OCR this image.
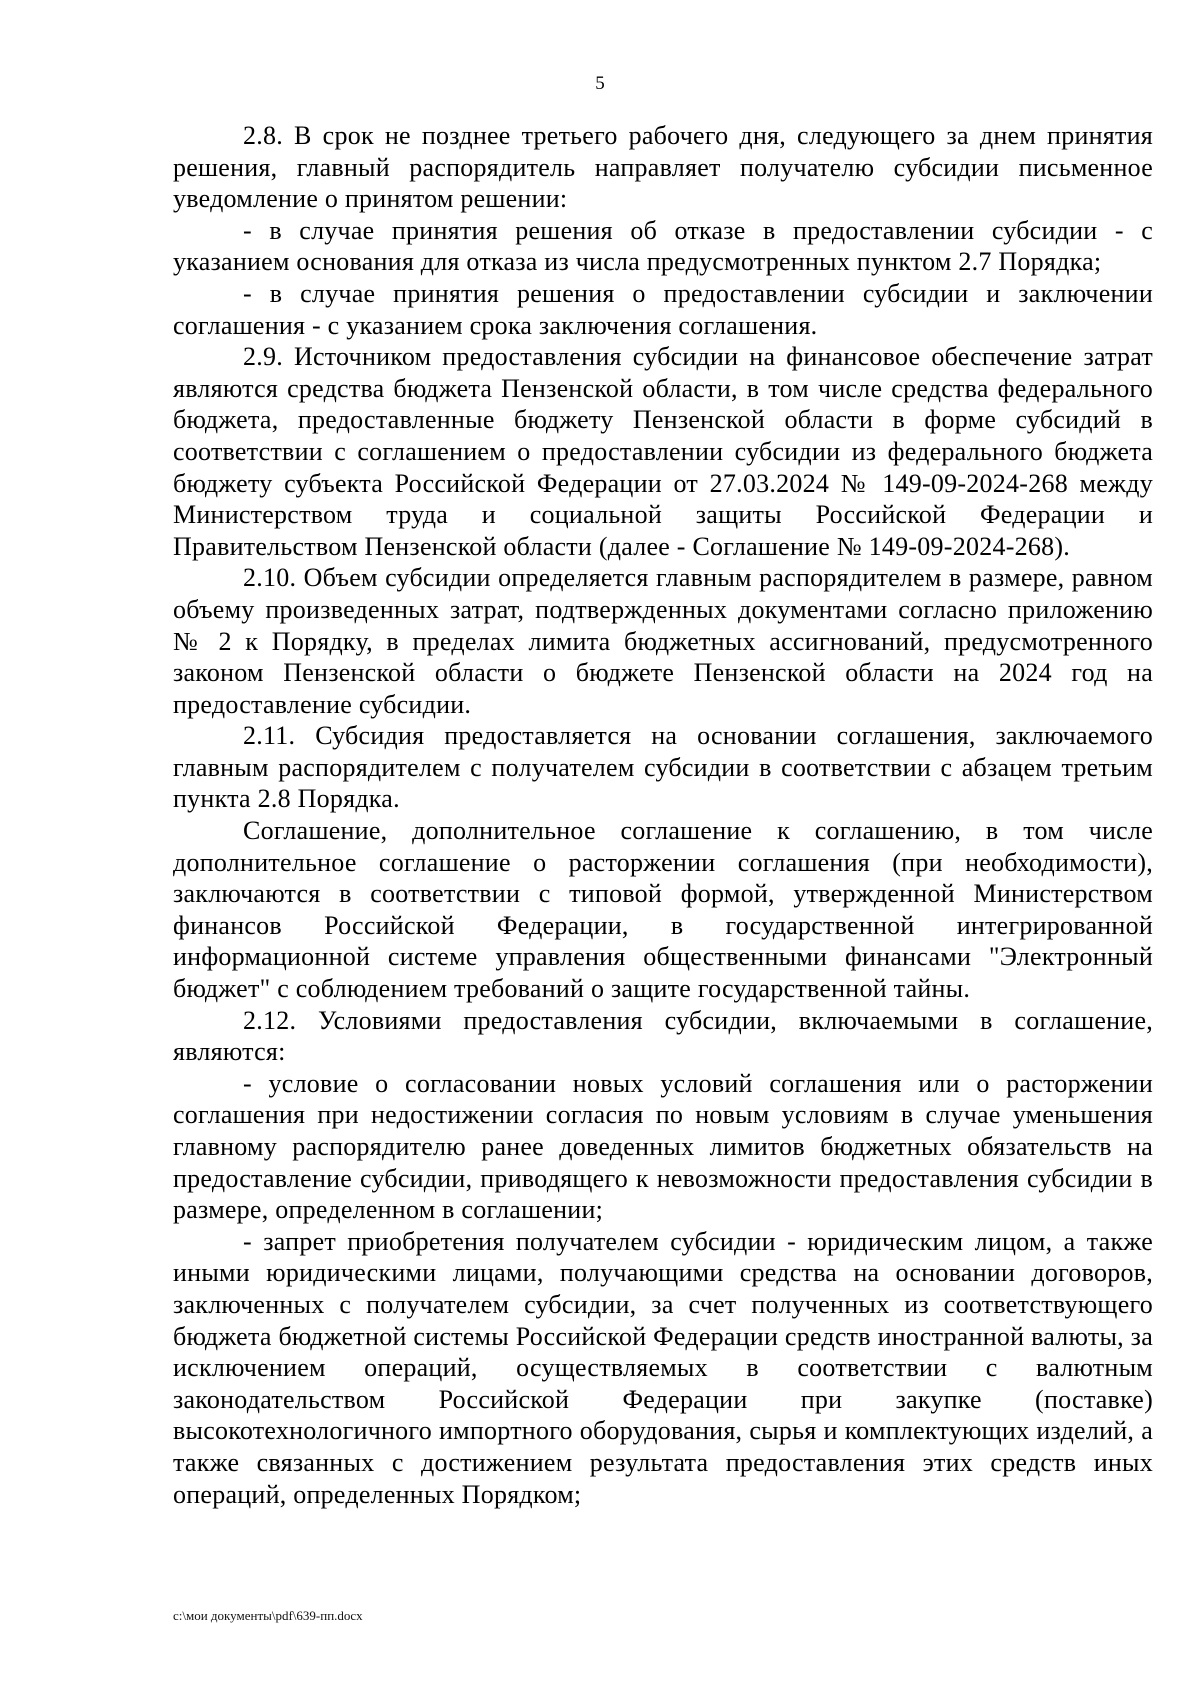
5

2.8. В срок не позднее третьего рабочего дня, следующего за днем принятия решения, главный распорядитель направляет получателю субсидии письменное уведомление о принятом решении:

- в случае принятия решения об отказе в предоставлении субсидии - с указанием основания для отказа из числа предусмотренных пунктом 2.7 Порядка;

- в случае принятия решения о предоставлении субсидии и заключении соглашения - с указанием срока заключения соглашения.

2.9. Источником предоставления субсидии на финансовое обеспечение затрат являются средства бюджета Пензенской области, в том числе средства федерального бюджета, предоставленные бюджету Пензенской области в форме субсидий в соответствии с соглашением о предоставлении субсидии из федерального бюджета бюджету субъекта Российской Федерации от 27.03.2024 № 149-09-2024-268 между Министерством труда и социальной защиты Российской Федерации и Правительством Пензенской области (далее - Соглашение № 149-09-2024-268).

2.10. Объем субсидии определяется главным распорядителем в размере, равном объему произведенных затрат, подтвержденных документами согласно приложению № 2 к Порядку, в пределах лимита бюджетных ассигнований, предусмотренного законом Пензенской области о бюджете Пензенской области на 2024 год на предоставление субсидии.

2.11. Субсидия предоставляется на основании соглашения, заключаемого главным распорядителем с получателем субсидии в соответствии с абзацем третьим пункта 2.8 Порядка.

Соглашение, дополнительное соглашение к соглашению, в том числе дополнительное соглашение о расторжении соглашения (при необходимости), заключаются в соответствии с типовой формой, утвержденной Министерством финансов Российской Федерации, в государственной интегрированной информационной системе управления общественными финансами "Электронный бюджет" с соблюдением требований о защите государственной тайны.

2.12. Условиями предоставления субсидии, включаемыми в соглашение, являются:

- условие о согласовании новых условий соглашения или о расторжении соглашения при недостижении согласия по новым условиям в случае уменьшения главному распорядителю ранее доведенных лимитов бюджетных обязательств на предоставление субсидии, приводящего к невозможности предоставления субсидии в размере, определенном в соглашении;

- запрет приобретения получателем субсидии - юридическим лицом, а также иными юридическими лицами, получающими средства на основании договоров, заключенных с получателем субсидии, за счет полученных из соответствующего бюджета бюджетной системы Российской Федерации средств иностранной валюты, за исключением операций, осуществляемых в соответствии с валютным законодательством Российской Федерации при закупке (поставке) высокотехнологичного импортного оборудования, сырья и комплектующих изделий, а также связанных с достижением результата предоставления этих средств иных операций, определенных Порядком;

c:\мои документы\pdf\639-пп.docx
